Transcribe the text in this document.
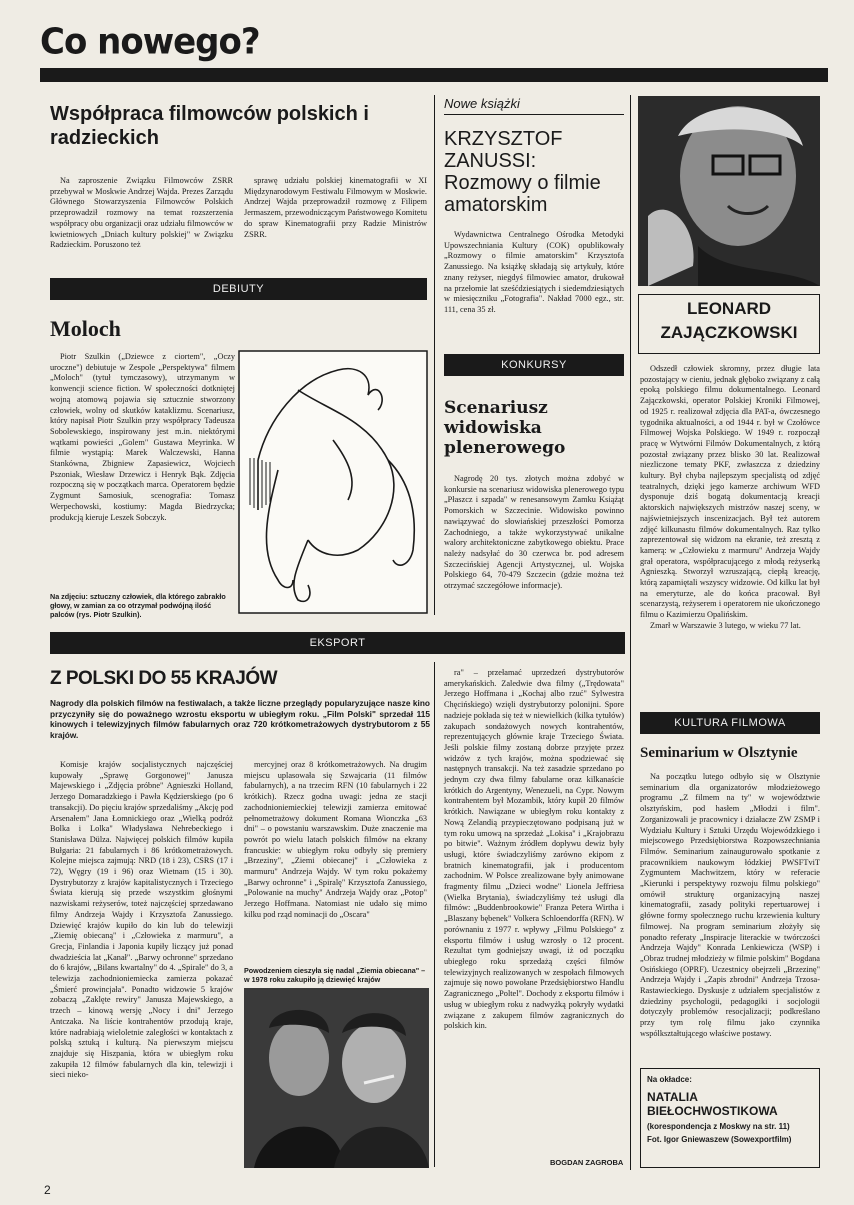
Co nowego?
Współpraca filmowców polskich i radzieckich

Na zaproszenie Związku Filmowców ZSRR przebywał w Moskwie Andrzej Wajda. Prezes Zarządu Głównego Stowarzyszenia Filmowców Polskich przeprowadził rozmowy na temat rozszerzenia współpracy obu organizacji oraz udziału filmowców w kwietniowych „Dniach kultury polskiej" w Związku Radzieckim. Poruszono też

sprawę udziału polskiej kinematografii w XI Międzynarodowym Festiwalu Filmowym w Moskwie. Andrzej Wajda przeprowadził rozmowę z Filipem Jermaszem, przewodniczącym Państwowego Komitetu do spraw Kinematografii przy Radzie Ministrów ZSRR.

DEBIUTY
Moloch

Piotr Szulkin („Dziewce z ciortem", „Oczy uroczne") debiutuje w Zespole „Perspektywa" filmem „Moloch" (tytuł tymczasowy), utrzymanym w konwencji science fiction. W społeczności dotkniętej wojną atomową pojawia się sztucznie stworzony człowiek, wolny od skutków kataklizmu. Scenariusz, który napisał Piotr Szulkin przy współpracy Tadeusza Sobolewskiego, inspirowany jest m.in. niektórymi wątkami powieści „Golem" Gustawa Meyrinka. W filmie wystąpią: Marek Walczewski, Hanna Stankówna, Zbigniew Zapasiewicz, Wojciech Pszoniak, Wiesław Drzewicz i Henryk Bąk. Zdjęcia rozpoczną się w początkach marca. Operatorem będzie Zygmunt Samosiuk, scenografia: Tomasz Werpechowski, kostiumy: Magda Biedrzycka; produkcją kieruje Leszek Sobczyk.

Na zdjęciu: sztuczny człowiek, dla którego zabrakło głowy, w zamian za co otrzymał podwójną ilość palców (rys. Piotr Szulkin).
Nowe książki
KRZYSZTOF ZANUSSI: Rozmowy o filmie amatorskim

Wydawnictwa Centralnego Ośrodka Metodyki Upowszechniania Kultury (COK) opublikowały „Rozmowy o filmie amatorskim" Krzysztofa Zanussiego. Na książkę składają się artykuły, które znany reżyser, niegdyś filmowiec amator, drukował na przełomie lat sześćdziesiątych i siedemdziesiątych w miesięczniku „Fotografia". Nakład 7000 egz., str. 111, cena 35 zł.

KONKURSY
Scenariusz widowiska plenerowego

Nagrodę 20 tys. złotych można zdobyć w konkursie na scenariusz widowiska plenerowego typu „Płaszcz i szpada" w renesansowym Zamku Książąt Pomorskich w Szczecinie. Widowisko powinno nawiązywać do słowiańskiej przeszłości Pomorza Zachodniego, a także wykorzystywać unikalne walory architektoniczne zabytkowego obiektu. Prace należy nadsyłać do 30 czerwca br. pod adresem Szczecińskiej Agencji Artystycznej, ul. Wojska Polskiego 64, 70-479 Szczecin (gdzie można też otrzymać szczegółowe informacje).

LEONARD
ZAJĄCZKOWSKI

Odszedł człowiek skromny, przez długie lata pozostający w cieniu, jednak głęboko związany z całą epoką polskiego filmu dokumentalnego. Leonard Zajączkowski, operator Polskiej Kroniki Filmowej, od 1925 r. realizował zdjęcia dla PAT-a, ówczesnego tygodnika aktualności, a od 1944 r. był w Czołówce Filmowej Wojska Polskiego. W 1949 r. rozpoczął pracę w Wytwórni Filmów Dokumentalnych, z którą pozostał związany przez blisko 30 lat. Realizował niezliczone tematy PKF, zwłaszcza z dziedziny kultury. Był chyba najlepszym specjalistą od zdjęć teatralnych, dzięki jego kamerze archiwum WFD dysponuje dziś bogatą dokumentacją kreacji aktorskich największych mistrzów naszej sceny, w najświetniejszych inscenizacjach. Był też autorem zdjęć kilkunastu filmów dokumentalnych. Raz tylko zaprezentował się widzom na ekranie, też zresztą z kamerą: w „Człowieku z marmuru" Andrzeja Wajdy grał operatora, współpracującego z młodą reżyserką Agnieszką. Stworzył wzruszającą, ciepłą kreację, którą zapamiętali wszyscy widzowie. Od kilku lat był na emeryturze, ale do końca pracował. Był scenarzystą, reżyserem i operatorem nie ukończonego filmu o Kazimierzu Opalińskim.

Zmarł w Warszawie 3 lutego, w wieku 77 lat.

EKSPORT
Z POLSKI DO 55 KRAJÓW
Nagrody dla polskich filmów na festiwalach, a także liczne przeglądy popularyzujące nasze kino przyczyniły się do poważnego wzrostu eksportu w ubiegłym roku. „Film Polski" sprzedał 115 kinowych i telewizyjnych filmów fabularnych oraz 720 krótkometrażowych dystrybutorom z 55 krajów.

Komisje krajów socjalistycznych najczęściej kupowały „Sprawę Gorgonowej" Janusza Majewskiego i „Zdjęcia próbne" Agnieszki Holland, Jerzego Domaradzkiego i Pawła Kędzierskiego (po 6 transakcji). Do pięciu krajów sprzedaliśmy „Akcję pod Arsenałem" Jana Łomnickiego oraz „Wielką podróż Bolka i Lolka" Władysława Nehrebeckiego i Stanisława Dülza. Najwięcej polskich filmów kupiła Bułgaria: 21 fabularnych i 86 krótkometrażowych. Kolejne miejsca zajmują: NRD (18 i 23), CSRS (17 i 72), Węgry (19 i 96) oraz Wietnam (15 i 30). Dystrybutorzy z krajów kapitalistycznych i Trzeciego Świata kierują się przede wszystkim głośnymi nazwiskami reżyserów, toteż najczęściej sprzedawano filmy Andrzeja Wajdy i Krzysztofa Zanussiego. Dziewięć krajów kupiło do kin lub do telewizji „Ziemię obiecaną" i „Człowieka z marmuru", a Grecja, Finlandia i Japonia kupiły liczący już ponad dwadzieścia lat „Kanał". „Barwy ochronne" sprzedano do 6 krajów, „Bilans kwartalny" do 4. „Spirale" do 3, a telewizja zachodnioniemiecka zamierza pokazać „Śmierć prowincjała". Ponadto widzowie 5 krajów zobaczą „Zaklęte rewiry" Janusza Majewskiego, a trzech – kinową wersję „Nocy i dni" Jerzego Antczaka. Na liście kontrahentów przodują kraje, które nadrabiają wieloletnie zaległości w kontaktach z polską sztuką i kulturą. Na pierwszym miejscu znajduje się Hiszpania, która w ubiegłym roku zakupiła 12 filmów fabularnych dla kin, telewizji i sieci nieko-

mercyjnej oraz 8 krótkometrażowych. Na drugim miejscu uplasowała się Szwajcaria (11 filmów fabularnych), a na trzecim RFN (10 fabularnych i 22 krótkich). Rzecz godna uwagi: jedna ze stacji zachodnioniemieckiej telewizji zamierza emitować pełnometrażowy dokument Romana Wionczka „63 dni" – o powstaniu warszawskim. Duże znaczenie ma powrót po wielu latach polskich filmów na ekrany francuskie: w ubiegłym roku odbyły się premiery „Brzeziny", „Ziemi obiecanej" i „Człowieka z marmuru" Andrzeja Wajdy. W tym roku pokażemy „Barwy ochronne" i „Spiralę" Krzysztofa Zanussiego, „Polowanie na muchy" Andrzeja Wajdy oraz „Potop" Jerzego Hoffmana. Natomiast nie udało się mimo kilku pod rząd nominacji do „Oscara"

Powodzeniem cieszyła się nadal „Ziemia obiecana" – w 1978 roku zakupiło ją dziewięć krajów

ra" – przełamać uprzedzeń dystrybutorów amerykańskich. Zaledwie dwa filmy („Trędowata" Jerzego Hoffmana i „Kochaj albo rzuć" Sylwestra Chęcińskiego) wzięli dystrybutorzy polonijni. Spore nadzieje pokłada się też w niewielkich (kilka tytułów) zakupach sondażowych nowych kontrahentów, reprezentujących głównie kraje Trzeciego Świata. Jeśli polskie filmy zostaną dobrze przyjęte przez widzów z tych krajów, można spodziewać się następnych transakcji. Na też zasadzie sprzedano po jednym czy dwa filmy fabularne oraz kilkanaście krótkich do Argentyny, Wenezueli, na Cypr. Nowym kontrahentem był Mozambik, który kupił 20 filmów krótkich. Nawiązane w ubiegłym roku kontakty z Nową Zelandią przypieczętowano podpisaną już w tym roku umową na sprzedaż „Lokisa" i „Krajobrazu po bitwie". Ważnym źródłem dopływu dewiz były usługi, które świadczyliśmy zarówno ekipom z bratnich kinematografii, jak i producentom zachodnim. W Polsce zrealizowane były animowane fragmenty filmu „Dzieci wodne" Lionela Jeffriesa (Wielka Brytania), świadczyliśmy też usługi dla filmów: „Buddenbrookowie" Franza Petera Wirtha i „Blaszany bębenek" Volkera Schloendorffa (RFN). W porównaniu z 1977 r. wpływy „Filmu Polskiego" z eksportu filmów i usług wzrosły o 12 procent. Rezultat tym godniejszy uwagi, iż od początku ubiegłego roku sprzedażą części filmów telewizyjnych realizowanych w zespołach filmowych zajmuje się nowo powołane Przedsiębiorstwo Handlu Zagranicznego „Poltel". Dochody z eksportu filmów i usług w ubiegłym roku z nadwyżką pokryły wydatki związane z zakupem filmów zagranicznych do polskich kin.

BOGDAN ZAGROBA
KULTURA FILMOWA
Seminarium w Olsztynie

Na początku lutego odbyło się w Olsztynie seminarium dla organizatorów młodzieżowego programu „Z filmem na ty" w województwie olsztyńskim, pod hasłem „Młodzi i film". Zorganizowali je pracownicy i działacze ZW ZSMP i Wydziału Kultury i Sztuki Urzędu Wojewódzkiego i miejscowego Przedsiębiorstwa Rozpowszechniania Filmów. Seminarium zainaugurowało spotkanie z pracownikiem naukowym łódzkiej PWSFTviT Zygmuntem Machwitzem, który w referacie „Kierunki i perspektywy rozwoju filmu polskiego" omówił strukturę organizacyjną naszej kinematografii, zasady polityki repertuarowej i główne formy społecznego ruchu krzewienia kultury filmowej. Na program seminarium złożyły się ponadto referaty „Inspiracje literackie w twórczości Andrzeja Wajdy" Konrada Lenkiewicza (WSP) i „Obraz trudnej młodzieży w filmie polskim" Bogdana Osińskiego (OPRF). Uczestnicy obejrzeli „Brzezinę" Andrzeja Wajdy i „Zapis zbrodni" Andrzeja Trzosa-Rastawieckiego. Dyskusje z udziałem specjalistów z dziedziny psychologii, pedagogiki i socjologii dotyczyły problemów resocjalizacji; podkreślano przy tym rolę filmu jako czynnika wspólkształtującego właściwe postawy.

Na okładce:
NATALIA
BIEŁOCHWOSTIKOWA
(korespondencja z Moskwy na str. 11)
Fot. Igor Gniewaszew (Sowexportfilm)
2
